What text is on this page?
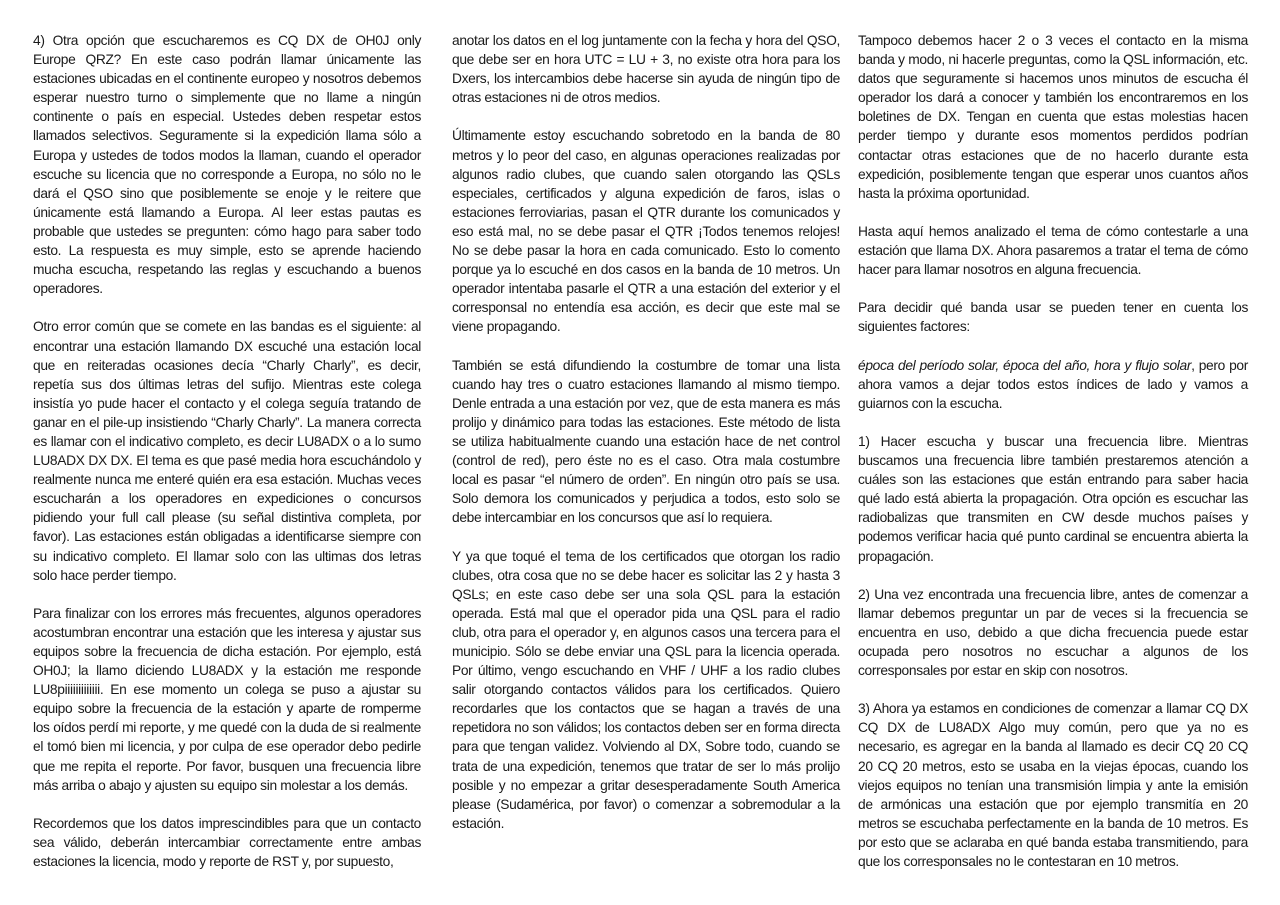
4) Otra opción que escucharemos es CQ DX de OH0J only Europe QRZ? En este caso podrán llamar únicamente las estaciones ubicadas en el continente europeo y nosotros debemos esperar nuestro turno o simplemente que no llame a ningún continente o país en especial. Ustedes deben respetar estos llamados selectivos. Seguramente si la expedición llama sólo a Europa y ustedes de todos modos la llaman, cuando el operador escuche su licencia que no corresponde a Europa, no sólo no le dará el QSO sino que posiblemente se enoje y le reitere que únicamente está llamando a Europa. Al leer estas pautas es probable que ustedes se pregunten: cómo hago para saber todo esto. La respuesta es muy simple, esto se aprende haciendo mucha escucha, respetando las reglas y escuchando a buenos operadores.

Otro error común que se comete en las bandas es el siguiente: al encontrar una estación llamando DX escuché una estación local que en reiteradas ocasiones decía “Charly Charly”, es decir, repetía sus dos últimas letras del sufijo. Mientras este colega insistía yo pude hacer el contacto y el colega seguía tratando de ganar en el pile-up insistiendo “Charly Charly”. La manera correcta es llamar con el indicativo completo, es decir LU8ADX o a lo sumo LU8ADX DX DX. El tema es que pasé media hora escuchándolo y realmente nunca me enteré quién era esa estación. Muchas veces escucharán a los operadores en expediciones o concursos pidiendo your full call please (su señal distintiva completa, por favor). Las estaciones están obligadas a identificarse siempre con su indicativo completo. El llamar solo con las ultimas dos letras solo hace perder tiempo.

Para finalizar con los errores más frecuentes, algunos operadores acostumbran encontrar una estación que les interesa y ajustar sus equipos sobre la frecuencia de dicha estación. Por ejemplo, está OH0J; la llamo diciendo LU8ADX y la estación me responde LU8piiiiiiiiiiiii. En ese momento un colega se puso a ajustar su equipo sobre la frecuencia de la estación y aparte de romperme los oídos perdí mi reporte, y me quedé con la duda de si realmente el tomó bien mi licencia, y por culpa de ese operador debo pedirle que me repita el reporte. Por favor, busquen una frecuencia libre más arriba o abajo y ajusten su equipo sin molestar a los demás.

Recordemos que los datos imprescindibles para que un contacto sea válido, deberán intercambiar correctamente entre ambas estaciones la licencia, modo y reporte de RST y, por supuesto,

anotar los datos en el log juntamente con la fecha y hora del QSO, que debe ser en hora UTC = LU + 3, no existe otra hora para los Dxers, los intercambios debe hacerse sin ayuda de ningún tipo de otras estaciones ni de otros medios.

Últimamente estoy escuchando sobretodo en la banda de 80 metros y lo peor del caso, en algunas operaciones realizadas por algunos radio clubes, que cuando salen otorgando las QSLs especiales, certificados y alguna expedición de faros, islas o estaciones ferroviarias, pasan el QTR durante los comunicados y eso está mal, no se debe pasar el QTR ¡Todos tenemos relojes! No se debe pasar la hora en cada comunicado. Esto lo comento porque ya lo escuché en dos casos en la banda de 10 metros. Un operador intentaba pasarle el QTR a una estación del exterior y el corresponsal no entendía esa acción, es decir que este mal se viene propagando.

También se está difundiendo la costumbre de tomar una lista cuando hay tres o cuatro estaciones llamando al mismo tiempo. Denle entrada a una estación por vez, que de esta manera es más prolijo y dinámico para todas las estaciones. Este método de lista se utiliza habitualmente cuando una estación hace de net control (control de red), pero éste no es el caso. Otra mala costumbre local es pasar “el número de orden”. En ningún otro país se usa. Solo demora los comunicados y perjudica a todos, esto solo se debe intercambiar en los concursos que así lo requiera.

Y ya que toqué el tema de los certificados que otorgan los radio clubes, otra cosa que no se debe hacer es solicitar las 2 y hasta 3 QSLs; en este caso debe ser una sola QSL para la estación operada. Está mal que el operador pida una QSL para el radio club, otra para el operador y, en algunos casos una tercera para el municipio. Sólo se debe enviar una QSL para la licencia operada. Por último, vengo escuchando en VHF / UHF a los radio clubes salir otorgando contactos válidos para los certificados. Quiero recordarles que los contactos que se hagan a través de una repetidora no son válidos; los contactos deben ser en forma directa para que tengan validez. Volviendo al DX, Sobre todo, cuando se trata de una expedición, tenemos que tratar de ser lo más prolijo posible y no empezar a gritar desesperadamente South America please (Sudamérica, por favor) o comenzar a sobremodular a la estación.

Tampoco debemos hacer 2 o 3 veces el contacto en la misma banda y modo, ni hacerle preguntas, como la QSL información, etc. datos que seguramente si hacemos unos minutos de escucha él operador los dará a conocer y también los encontraremos en los boletines de DX. Tengan en cuenta que estas molestias hacen perder tiempo y durante esos momentos perdidos podrían contactar otras estaciones que de no hacerlo durante esta expedición, posiblemente tengan que esperar unos cuantos años hasta la próxima oportunidad.

Hasta aquí hemos analizado el tema de cómo contestarle a una estación que llama DX. Ahora pasaremos a tratar el tema de cómo hacer para llamar nosotros en alguna frecuencia.

Para decidir qué banda usar se pueden tener en cuenta los siguientes factores:

época del período solar, época del año, hora y flujo solar, pero por ahora vamos a dejar todos estos índices de lado y vamos a guiarnos con la escucha.

1) Hacer escucha y buscar una frecuencia libre. Mientras buscamos una frecuencia libre también prestaremos atención a cuáles son las estaciones que están entrando para saber hacia qué lado está abierta la propagación. Otra opción es escuchar las radiobalizas que transmiten en CW desde muchos países y podemos verificar hacia qué punto cardinal se encuentra abierta la propagación.

2) Una vez encontrada una frecuencia libre, antes de comenzar a llamar debemos preguntar un par de veces si la frecuencia se encuentra en uso, debido a que dicha frecuencia puede estar ocupada pero nosotros no escuchar a algunos de los corresponsales por estar en skip con nosotros.

3) Ahora ya estamos en condiciones de comenzar a llamar CQ DX CQ DX de LU8ADX Algo muy común, pero que ya no es necesario, es agregar en la banda al llamado es decir CQ 20 CQ 20 CQ 20 metros, esto se usaba en la viejas épocas, cuando los viejos equipos no tenían una transmisión limpia y ante la emisión de armónicas una estación que por ejemplo transmitía en 20 metros se escuchaba perfectamente en la banda de 10 metros. Es por esto que se aclaraba en qué banda estaba transmitiendo, para que los corresponsales no le contestaran en 10 metros.
